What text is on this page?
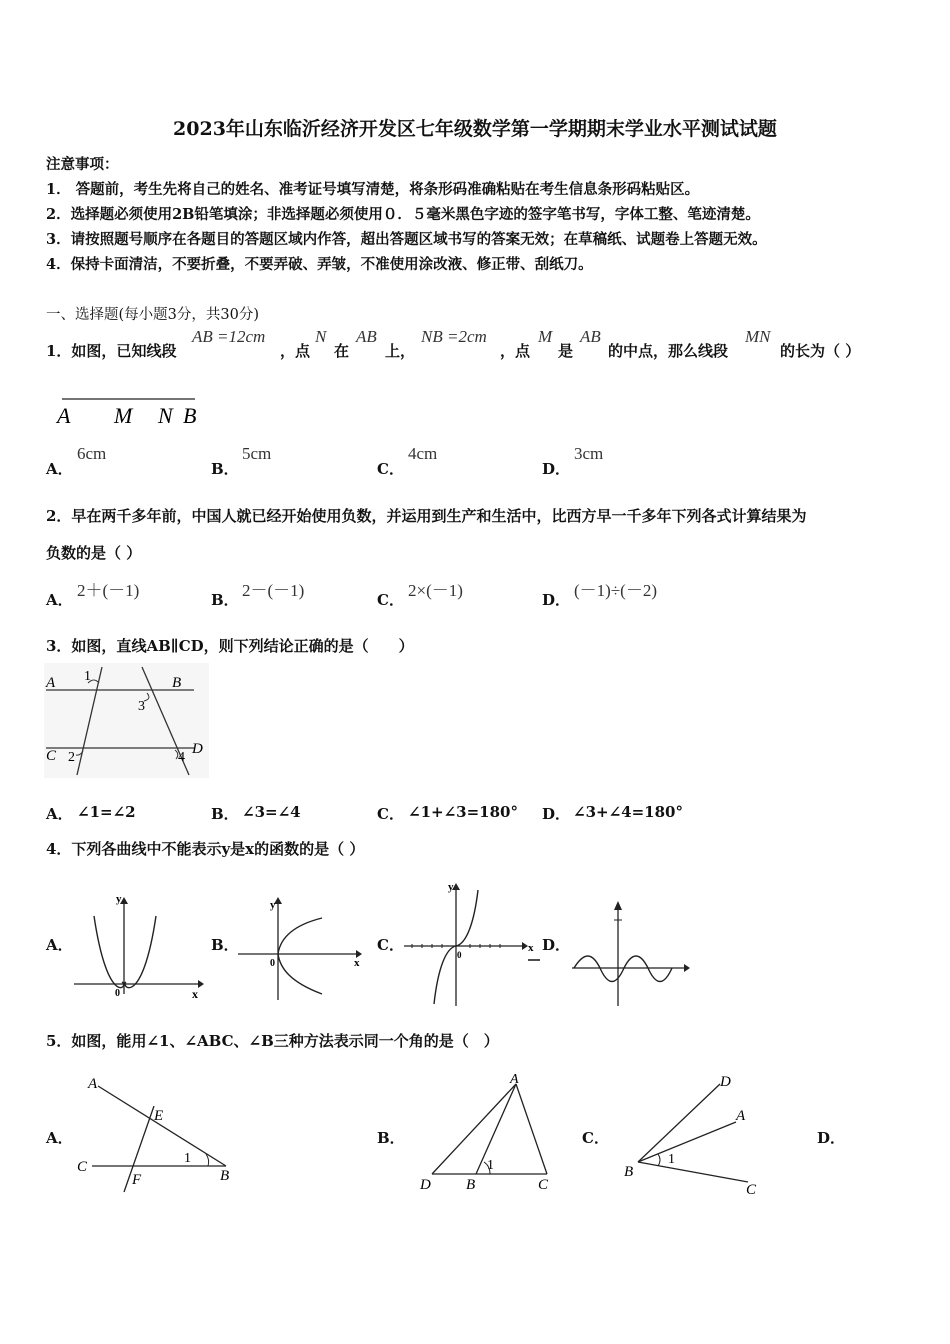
2023年山东临沂经济开发区七年级数学第一学期期末学业水平测试试题
注意事项：
1． 答题前，考生先将自己的姓名、准考证号填写清楚，将条形码准确粘贴在考生信息条形码粘贴区。
2．选择题必须使用2B铅笔填涂；非选择题必须使用０．５毫米黑色字迹的签字笔书写，字体工整、笔迹清楚。
3．请按照题号顺序在各题目的答题区域内作答，超出答题区域书写的答案无效；在草稿纸、试题卷上答题无效。
4．保持卡面清洁，不要折叠，不要弄破、弄皱，不准使用涂改液、修正带、刮纸刀。
一、选择题(每小题3分，共30分)
1．如图，已知线段
AB =12cm
，点
N
在
AB
上，
NB =2cm
，点
M
是
AB
的中点，那么线段
MN
的长为（ ）
A M N B
A．
6cm
B．
5cm
C．
4cm
D．
3cm
2．早在两千多年前，中国人就已经开始使用负数，并运用到生产和生活中，比西方早一千多年下列各式计算结果为
负数的是（ ）
A． 2＋(－1)	B． 2－(－1)	C． 2×(－1)	D． (－1)÷(－2)
3．如图，直线AB∥CD，则下列结论正确的是（　　）
A	B
C	D
1
2
3
4
A． ∠1=∠2	B． ∠3=∠4	C． ∠1+∠3=180° D． ∠3+∠4=180°
4．下列各曲线中不能表示y是x的函数的是（ ）
A．
x
y
0
B．
x
y
0
C．	x
y
0
D．
5．如图，能用∠1、∠ABC、∠B三种方法表示同一个角的是（　）
A．
A
E
C
F
1
B
B．
A
D B
1
C
C．
D
A
B
1
C
D．
